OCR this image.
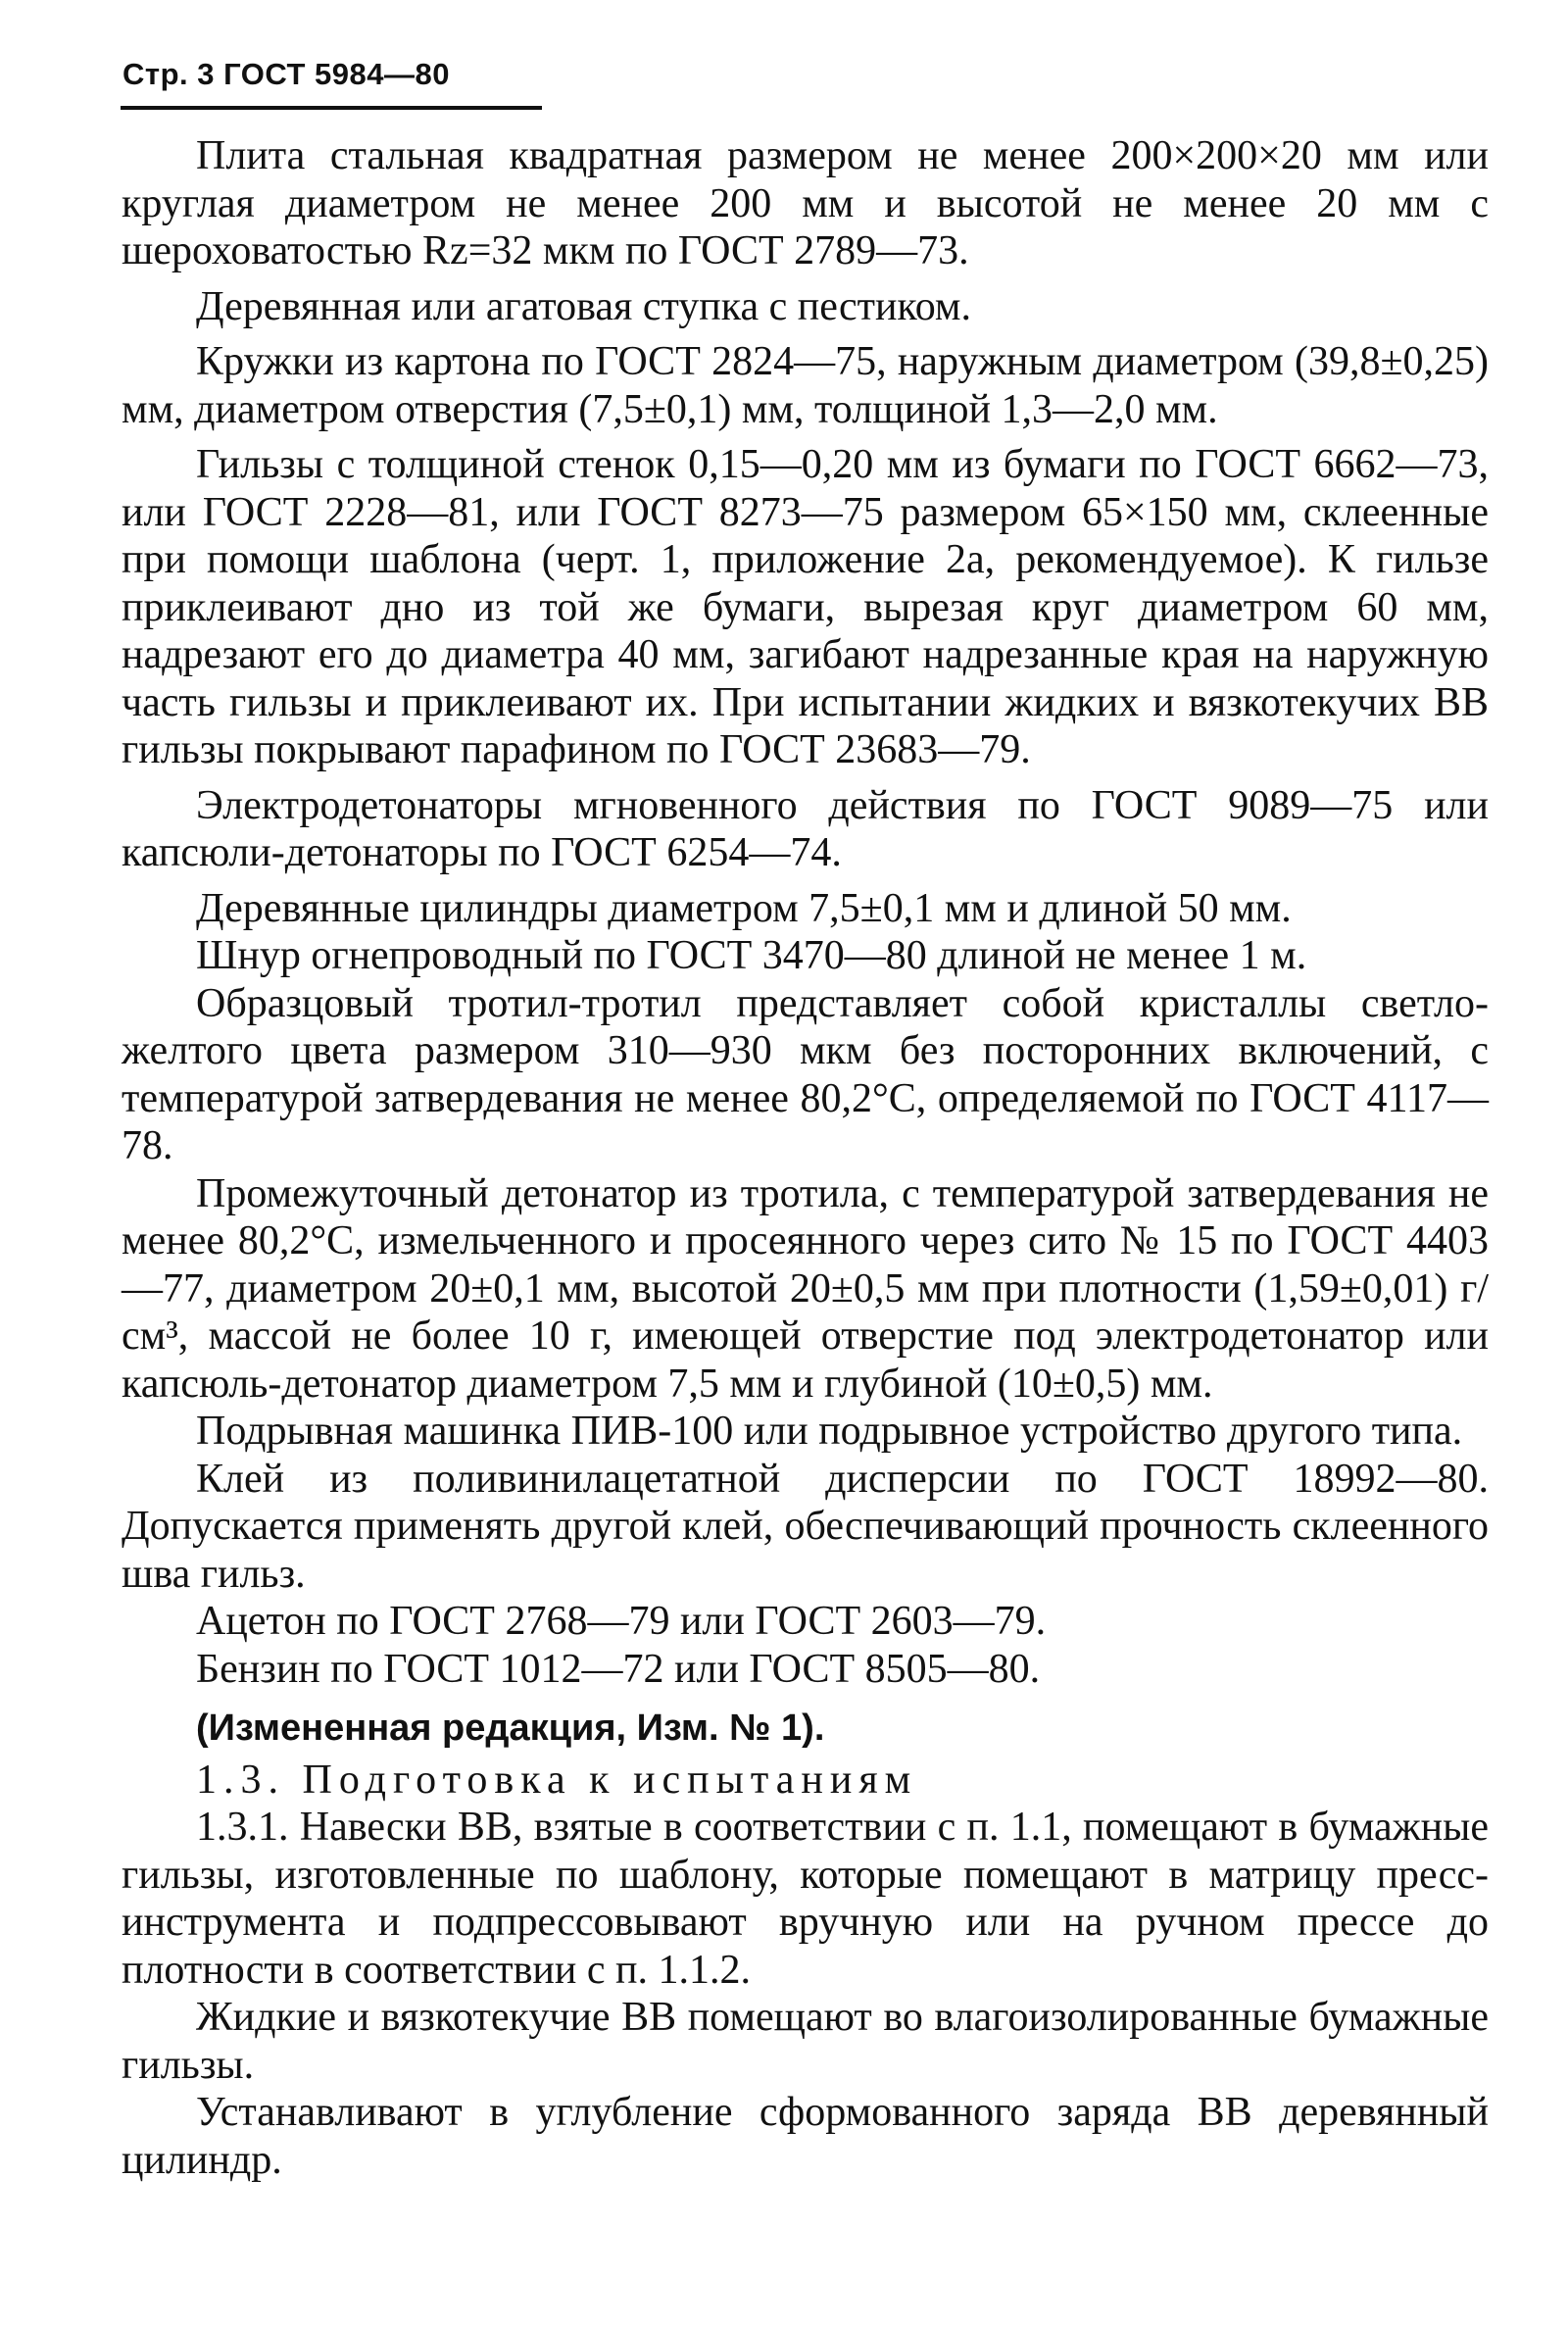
Стр. 3 ГОСТ 5984—80

Плита стальная квадратная размером не менее 200×200×20 мм или круглая диаметром не менее 200 мм и высотой не менее 20 мм с шероховатостью Rz=32 мкм по ГОСТ 2789—73.

Деревянная или агатовая ступка с пестиком.

Кружки из картона по ГОСТ 2824—75, наружным диаметром (39,8±0,25) мм, диаметром отверстия (7,5±0,1) мм, толщиной 1,3—2,0 мм.

Гильзы с толщиной стенок 0,15—0,20 мм из бумаги по ГОСТ 6662—73, или ГОСТ 2228—81, или ГОСТ 8273—75 размером 65×150 мм, склеенные при помощи шаблона (черт. 1, приложение 2а, рекомендуемое). К гильзе приклеивают дно из той же бумаги, вырезая круг диаметром 60 мм, надрезают его до диаметра 40 мм, загибают надрезанные края на наружную часть гильзы и приклеивают их. При испытании жидких и вязкотекучих ВВ гильзы покрывают парафином по ГОСТ 23683—79.

Электродетонаторы мгновенного действия по ГОСТ 9089—75 или капсюли-детонаторы по ГОСТ 6254—74.

Деревянные цилиндры диаметром 7,5±0,1 мм и длиной 50 мм.

Шнур огнепроводный по ГОСТ 3470—80 длиной не менее 1 м.

Образцовый тротил-тротил представляет собой кристаллы светло-желтого цвета размером 310—930 мкм без посторонних включений, с температурой затвердевания не менее 80,2°С, определяемой по ГОСТ 4117—78.

Промежуточный детонатор из тротила, с температурой затвердевания не менее 80,2°С, измельченного и просеянного через сито № 15 по ГОСТ 4403—77, диаметром 20±0,1 мм, высотой 20±0,5 мм при плотности (1,59±0,01) г/см³, массой не более 10 г, имеющей отверстие под электродетонатор или капсюль-детонатор диаметром 7,5 мм и глубиной (10±0,5) мм.

Подрывная машинка ПИВ-100 или подрывное устройство другого типа.

Клей из поливинилацетатной дисперсии по ГОСТ 18992—80. Допускается применять другой клей, обеспечивающий прочность склеенного шва гильз.

Ацетон по ГОСТ 2768—79 или ГОСТ 2603—79.

Бензин по ГОСТ 1012—72 или ГОСТ 8505—80.

(Измененная редакция, Изм. № 1).

1.3. Подготовка к испытаниям

1.3.1. Навески ВВ, взятые в соответствии с п. 1.1, помещают в бумажные гильзы, изготовленные по шаблону, которые помещают в матрицу пресс-инструмента и подпрессовывают вручную или на ручном прессе до плотности в соответствии с п. 1.1.2.

Жидкие и вязкотекучие ВВ помещают во влагоизолированные бумажные гильзы.

Устанавливают в углубление сформованного заряда ВВ деревянный цилиндр.
